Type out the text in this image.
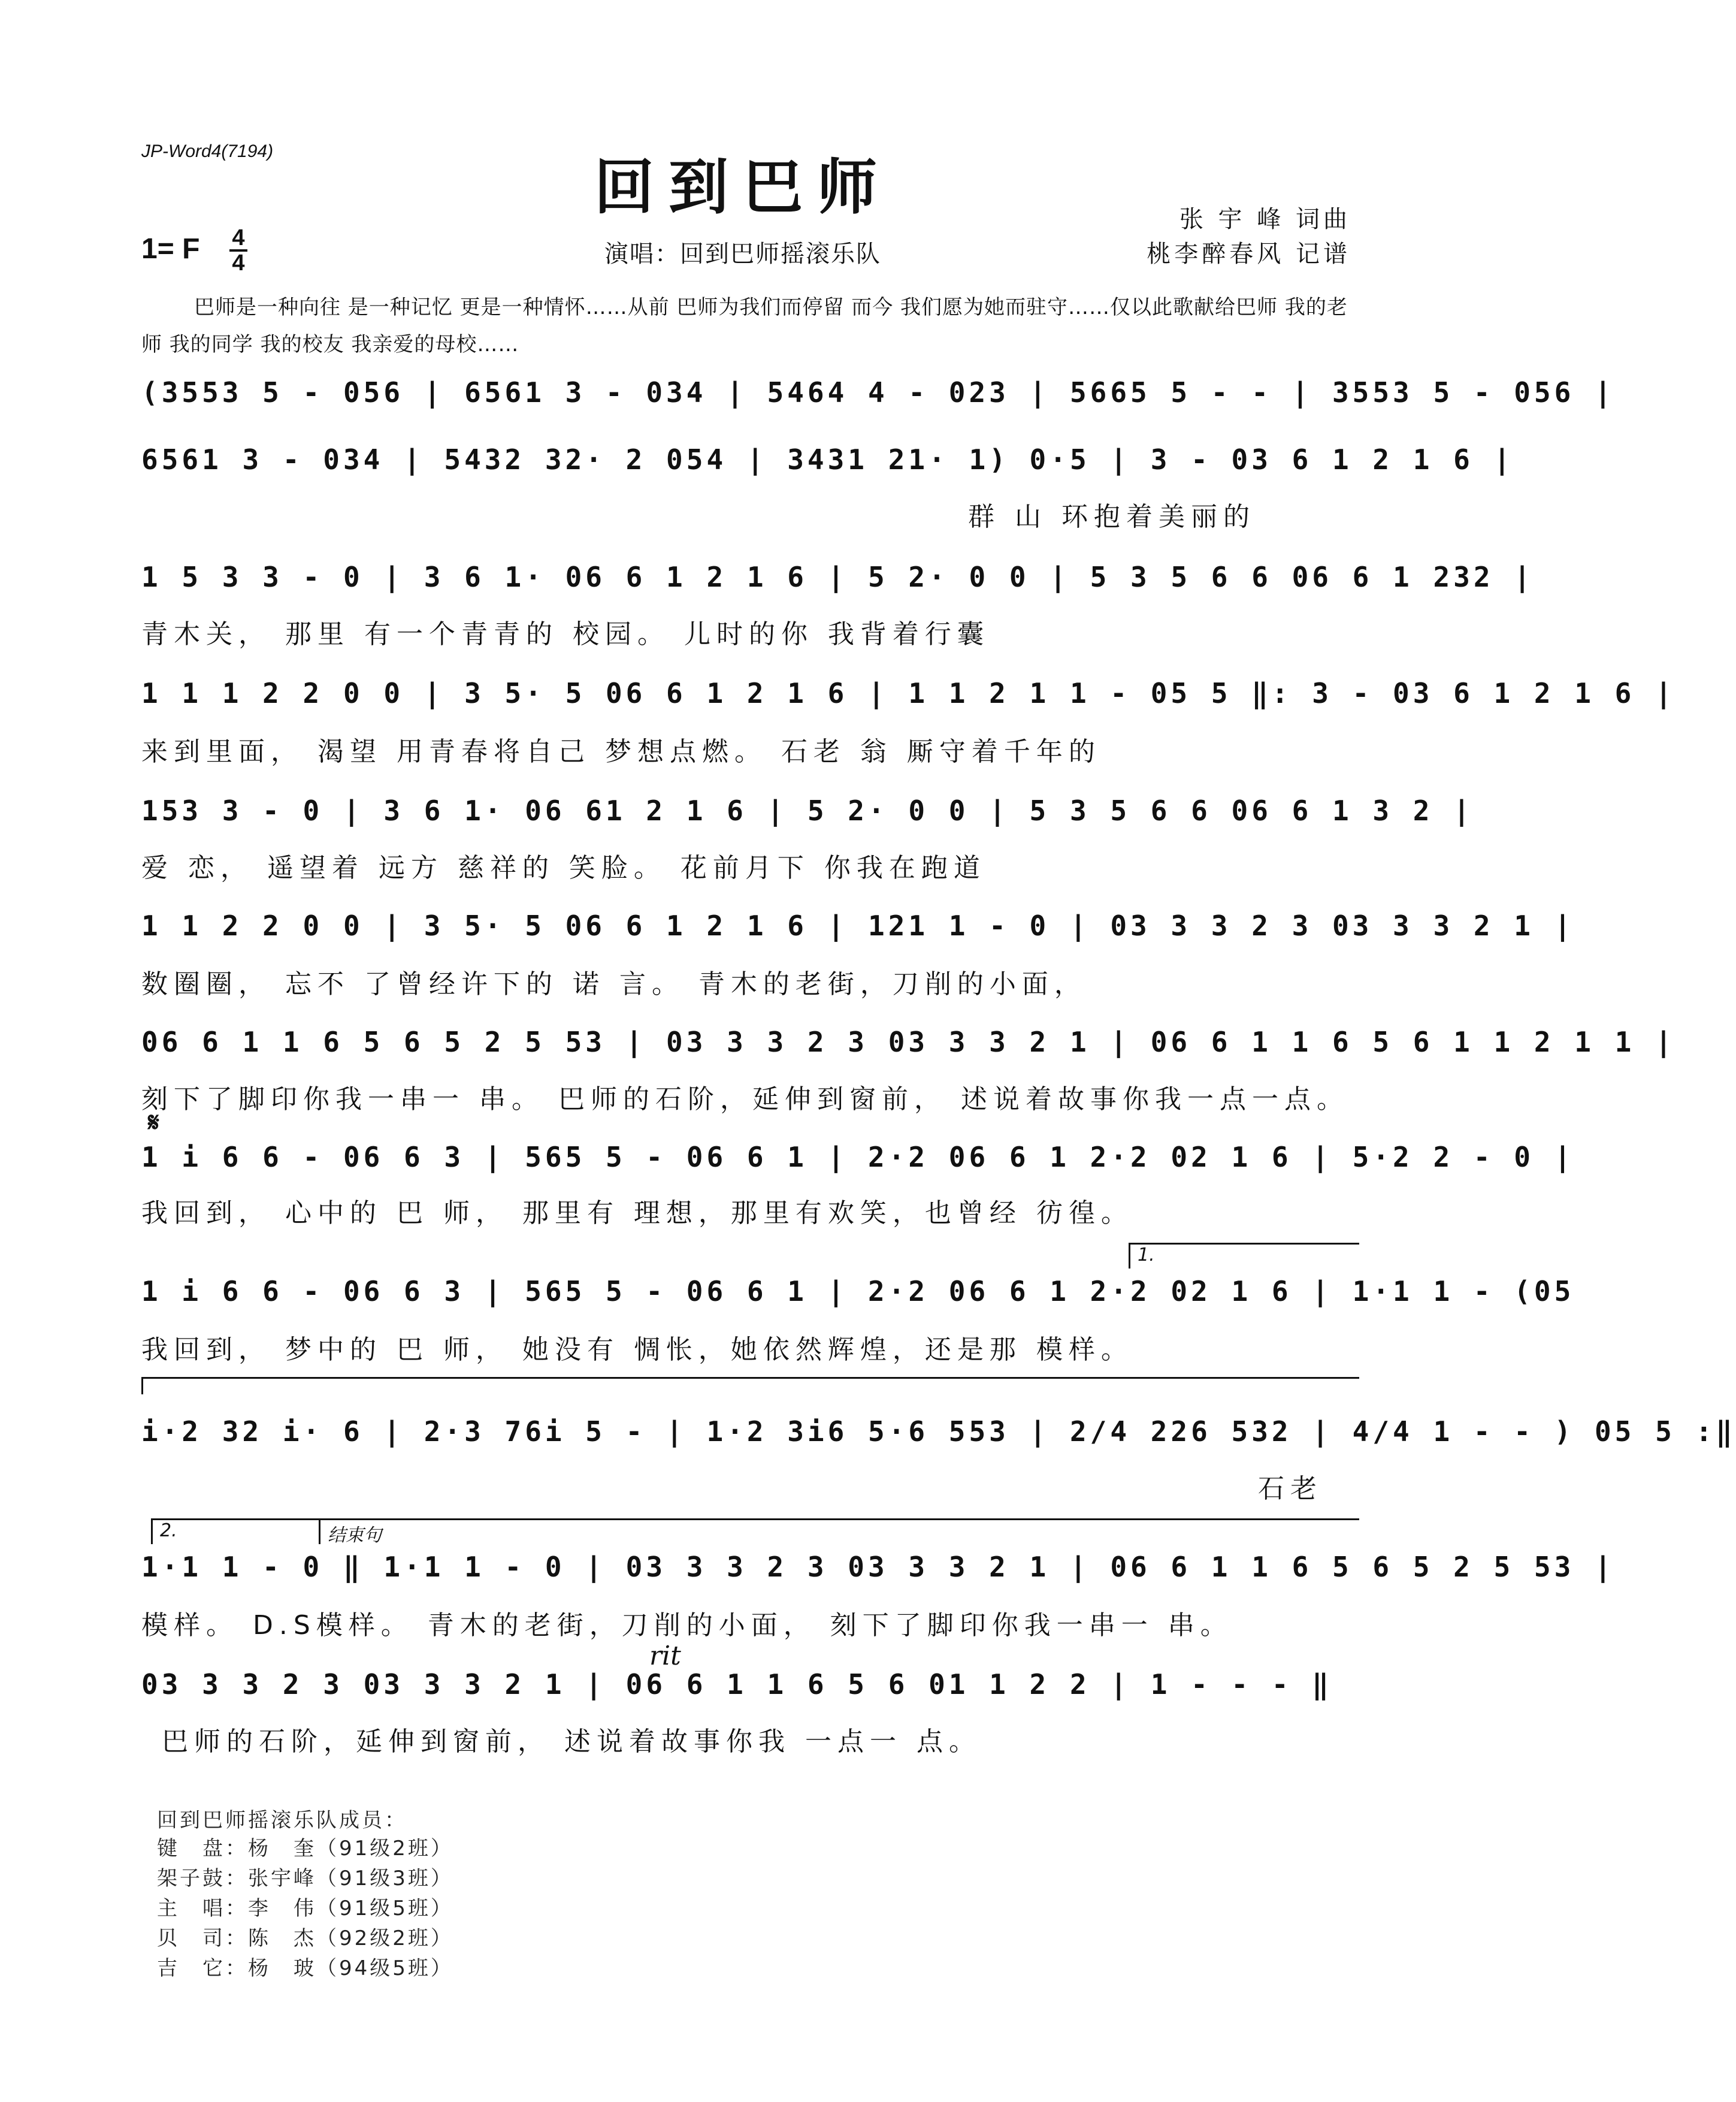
JP-Word4(7194)
回到巴师	张 宇 峰 词曲
桃李醉春风 记谱
1= F 4
4	演唱：回到巴师摇滚乐队
巴师是一种向往 是一种记忆 更是一种情怀……从前 巴师为我们而停留 而今 我们愿为她而驻守……仅以此歌献给巴师 我的老师 我的同学 我的校友 我亲爱的母校……
(3553 5 - 056 | 6561 3 - 034 | 5464 4 - 023 | 5665 5 - - | 3553 5 - 056 |
6561 3 - 034 | 5432 32· 2 054 | 3431 21· 1) 0·5 | 3 - 03 6 1 2 1 6 |
群 山 环抱着美丽的
1 5 3 3 - 0 | 3 6 1· 06 6 1 2 1 6 | 5 2· 0 0 | 5 3 5 6 6 06 6 1 232 |
青木关， 那里 有一个青青的 校园。 儿时的你 我背着行囊
1 1 1 2 2 0 0 | 3 5· 5 06 6 1 2 1 6 | 1 1 2 1 1 - 05 5 ‖: 3 - 03 6 1 2 1 6 |
来到里面， 渴望 用青春将自己 梦想点燃。 石老 翁 厮守着千年的
153 3 - 0 | 3 6 1· 06 61 2 1 6 | 5 2· 0 0 | 5 3 5 6 6 06 6 1 3 2 |
爱 恋， 遥望着 远方 慈祥的 笑脸。 花前月下 你我在跑道
1 1 2 2 0 0 | 3 5· 5 06 6 1 2 1 6 | 121 1 - 0 | 03 3 3 2 3 03 3 3 2 1 |
数圈圈， 忘不 了曾经许下的 诺 言。 青木的老街，刀削的小面，
06 6 1 1 6 5 6 5 2 5 53 | 03 3 3 2 3 03 3 3 2 1 | 06 6 1 1 6 5 6 1 1 2 1 1 |
刻下了脚印你我一串一 串。 巴师的石阶，延伸到窗前， 述说着故事你我一点一点。
𝄋
1 i 6 6 - 06 6 3 | 565 5 - 06 6 1 | 2·2 06 6 1 2·2 02 1 6 | 5·2 2 - 0 |
我回到， 心中的 巴 师， 那里有 理想，那里有欢笑，也曾经 彷徨。
1.
1 i 6 6 - 06 6 3 | 565 5 - 06 6 1 | 2·2 06 6 1 2·2 02 1 6 | 1·1 1 - (05
我回到， 梦中的 巴 师， 她没有 惆怅，她依然辉煌，还是那 模样。
i·2 32 i· 6 | 2·3 76i 5 - | 1·2 3i6 5·6 553 | 2/4 226 532 | 4/4 1 - - ) 05 5 :‖
石老
2.	结束句
1·1 1 - 0 ‖ 1·1 1 - 0 | 03 3 3 2 3 03 3 3 2 1 | 06 6 1 1 6 5 6 5 2 5 53 |
模样。 D.S模样。 青木的老街，刀削的小面， 刻下了脚印你我一串一 串。
rit
03 3 3 2 3 03 3 3 2 1 | 06 6 1 1 6 5 6 01 1 2 2 | 1 - - - ‖
巴师的石阶，延伸到窗前， 述说着故事你我 一点一 点。
回到巴师摇滚乐队成员：
键　盘：杨　奎（91级2班）
架子鼓：张宇峰（91级3班）
主　唱：李　伟（91级5班）
贝　司：陈　杰（92级2班）
吉　它：杨　玻（94级5班）
